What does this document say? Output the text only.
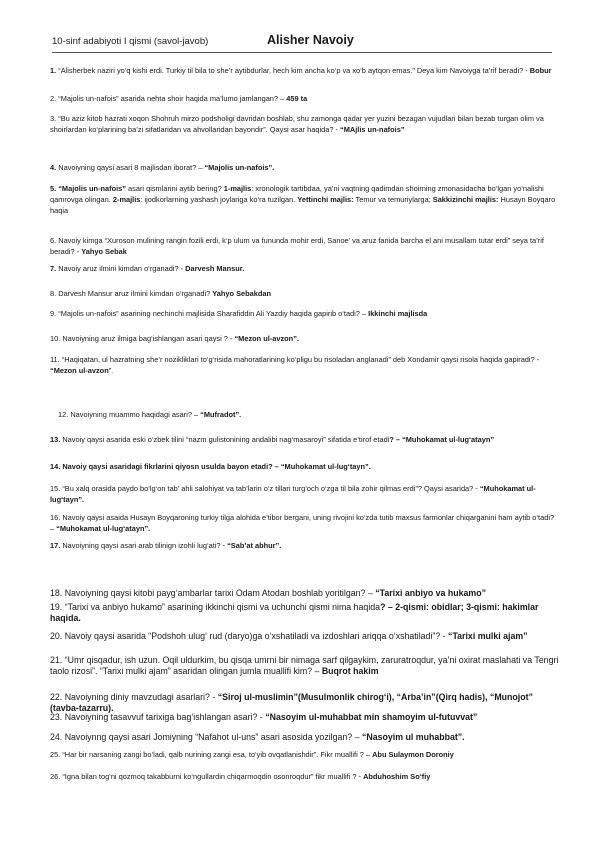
10-sinf adabiyoti I qismi (savol-javob)	Alisher Navoiy
1. “Alisherbek naziri yo‘q kishi erdi. Turkiy til bila to she’r aytibdurlar, hech kim ancha ko‘p va xo‘b aytqon emas.” Deya kim Navoiyga ta’rif beradi? - Bobur
2. “Majolis un-nafois” asarida nehta shoir haqida ma’lumo jamlangan? – 459 ta
3. “Bu aziz kitob hazrati xoqon Shohruh mirzo podsholigi davridan boshlab, shu zamonga qadar yer yuzini bezagan vujudlari bilan bezab turgan olim va shoirlardan ko‘plarining ba’zi sifatlaridan va ahvollaridan bayondir”. Qaysi asar haqida? - “MAjlis un-nafois”
4. Navoiyning qaysi asari 8 majlisdan iborat? – “Majolis un-nafois”.
5. “Majolis un-nafois” asari qismlarini aytib bering? 1-majlis: xronologik tartibdaa, ya’ni vaqtning qadimdan shoirning zmonasidacha bo‘lgan yo‘nalishi qamrovga olingan. 2-majlis: ijodkorlarning yashash joylariga ko‘ra tuzilgan. Yettinchi majlis: Temur va temuriylarga; Sakkizinchi majlis: Husayn Boyqaro haqia
6. Navoiy kimga “Xuroson mulining rangin fozili erdi, k‘p ulum va fununda mohir erdi, Sanoe’ va aruz fanida barcha el ani musallam tutar erdi” seya ta’rif beradi? - Yahyo Sebak
7. Navoiy aruz ilmini kimdan o‘rganadi? - Darvesh Mansur.
8. Darvesh Mansur aruz ilmini kimdan o‘rganadi? Yahyo Sebakdan
9. “Majolis un-nafois” asarining nechinchi majlisida Sharafiddin Ali Yazdiy haqida gapirib o‘tadi? – Ikkinchi majlisda
10. Navoiyning aruz ilmiga bag‘ishlangan asari qaysi ? - “Mezon ul-avzon”.
11. “Haqiqatan, ul hazratning she’r nozikliklari to‘g‘risida mahoratlarining ko‘pligu bu risoladan anglanadi” deb Xondamir qaysi risola haqida gapiradi? - “Mezon ul-avzon”.
12. Navoiyning muammo haqidagi asari? – “Mufradot”.
13. Navoiy qaysi asarida eski o‘zbek tilini “nazm gulistonining andalibi nag‘masaroyi” sifatida e’tirof etadi? – “Muhokamat ul-lug‘atayn”
14. Navoiy qaysi asaridagi fikrlarini qiyosn usulda bayon etadi? – “Muhokamat ul-lug‘tayn”.
15. “Bu xalq orasida paydo bo‘lg‘on tab’ ahli salohiyat va tab’larin o‘z tillari turg‘och o‘zga til bila zohir qilmas erdi”? Qaysi asarida? - “Muhokamat ul-lug‘tayn”.
16. Navoiy qaysi asaida Husayn Boyqaroning turkiy tilga alohida e’tibor bergani, uning rivojini ko‘zda tutib maxsus farmonlar chiqarganini ham aytib o‘tadi? – “Muhokamat ul-lug‘atayn”.
17. Navoiyning qaysi asari arab tilinign izohli lug‘ati? - “Sab’at abhur”.
18. Navoiyning qaysi kitobi payg‘ambarlar tarixi Odam Atodan boshlab yoritilgan? – “Tarixi anbiyo va hukamo”
19. “Tarixi va anbiyo hukamo” asarining ikkinchi qismi va uchunchi qismi nima haqida? – 2-qismi: obidlar; 3-qismi: hakimlar haqida.
20. Navoiy qaysi asarida “Podshoh ulug‘ rud (daryo)ga o‘xshatiladi va izdoshlari ariqqa o‘xshatiladi”? - “Tarixi mulki ajam”
21. “Umr qisqadur, ish uzun. Oqil uldurkim, bu qisqa umrni bir nimaga sarf qilgaykim, zaruratroqdur, ya’ni oxirat maslahati va Tengri taolo rizosi”. “Tarixi mulki ajam” asaridan olingan jumla muallifi kim? – Buqrot hakim
22. Navoiyning diniy mavzudagi asarlari? - “Siroj ul-muslimin”(Musulmonlik chirog‘i), “Arba’in”(Qirq hadis), “Munojot” (tavba-tazarru).
23. Navoiyning tasavvuf tarixiga bag‘ishlangan asari? - “Nasoyim ul-muhabbat min shamoyim ul-futuvvat”
24. Navoiynng qaysi asari Jomiyning “Nafahot ul-uns” asari asosida yozilgan? – “Nasoyim ul muhabbat”.
25. “Har bir narsaning zangi bo‘ladi, qalb nurining zangi esa, to‘yib ovqatlanishdir”. Fikr muallifi ? – Abu Sulaymon Doroniy
26. “Igna bilan tog‘ni qozmoq takabburni ko‘ngullardin chiqarmoqdin osonroqdur” fikr muallifi ? - Abduhoshim So‘fiy
